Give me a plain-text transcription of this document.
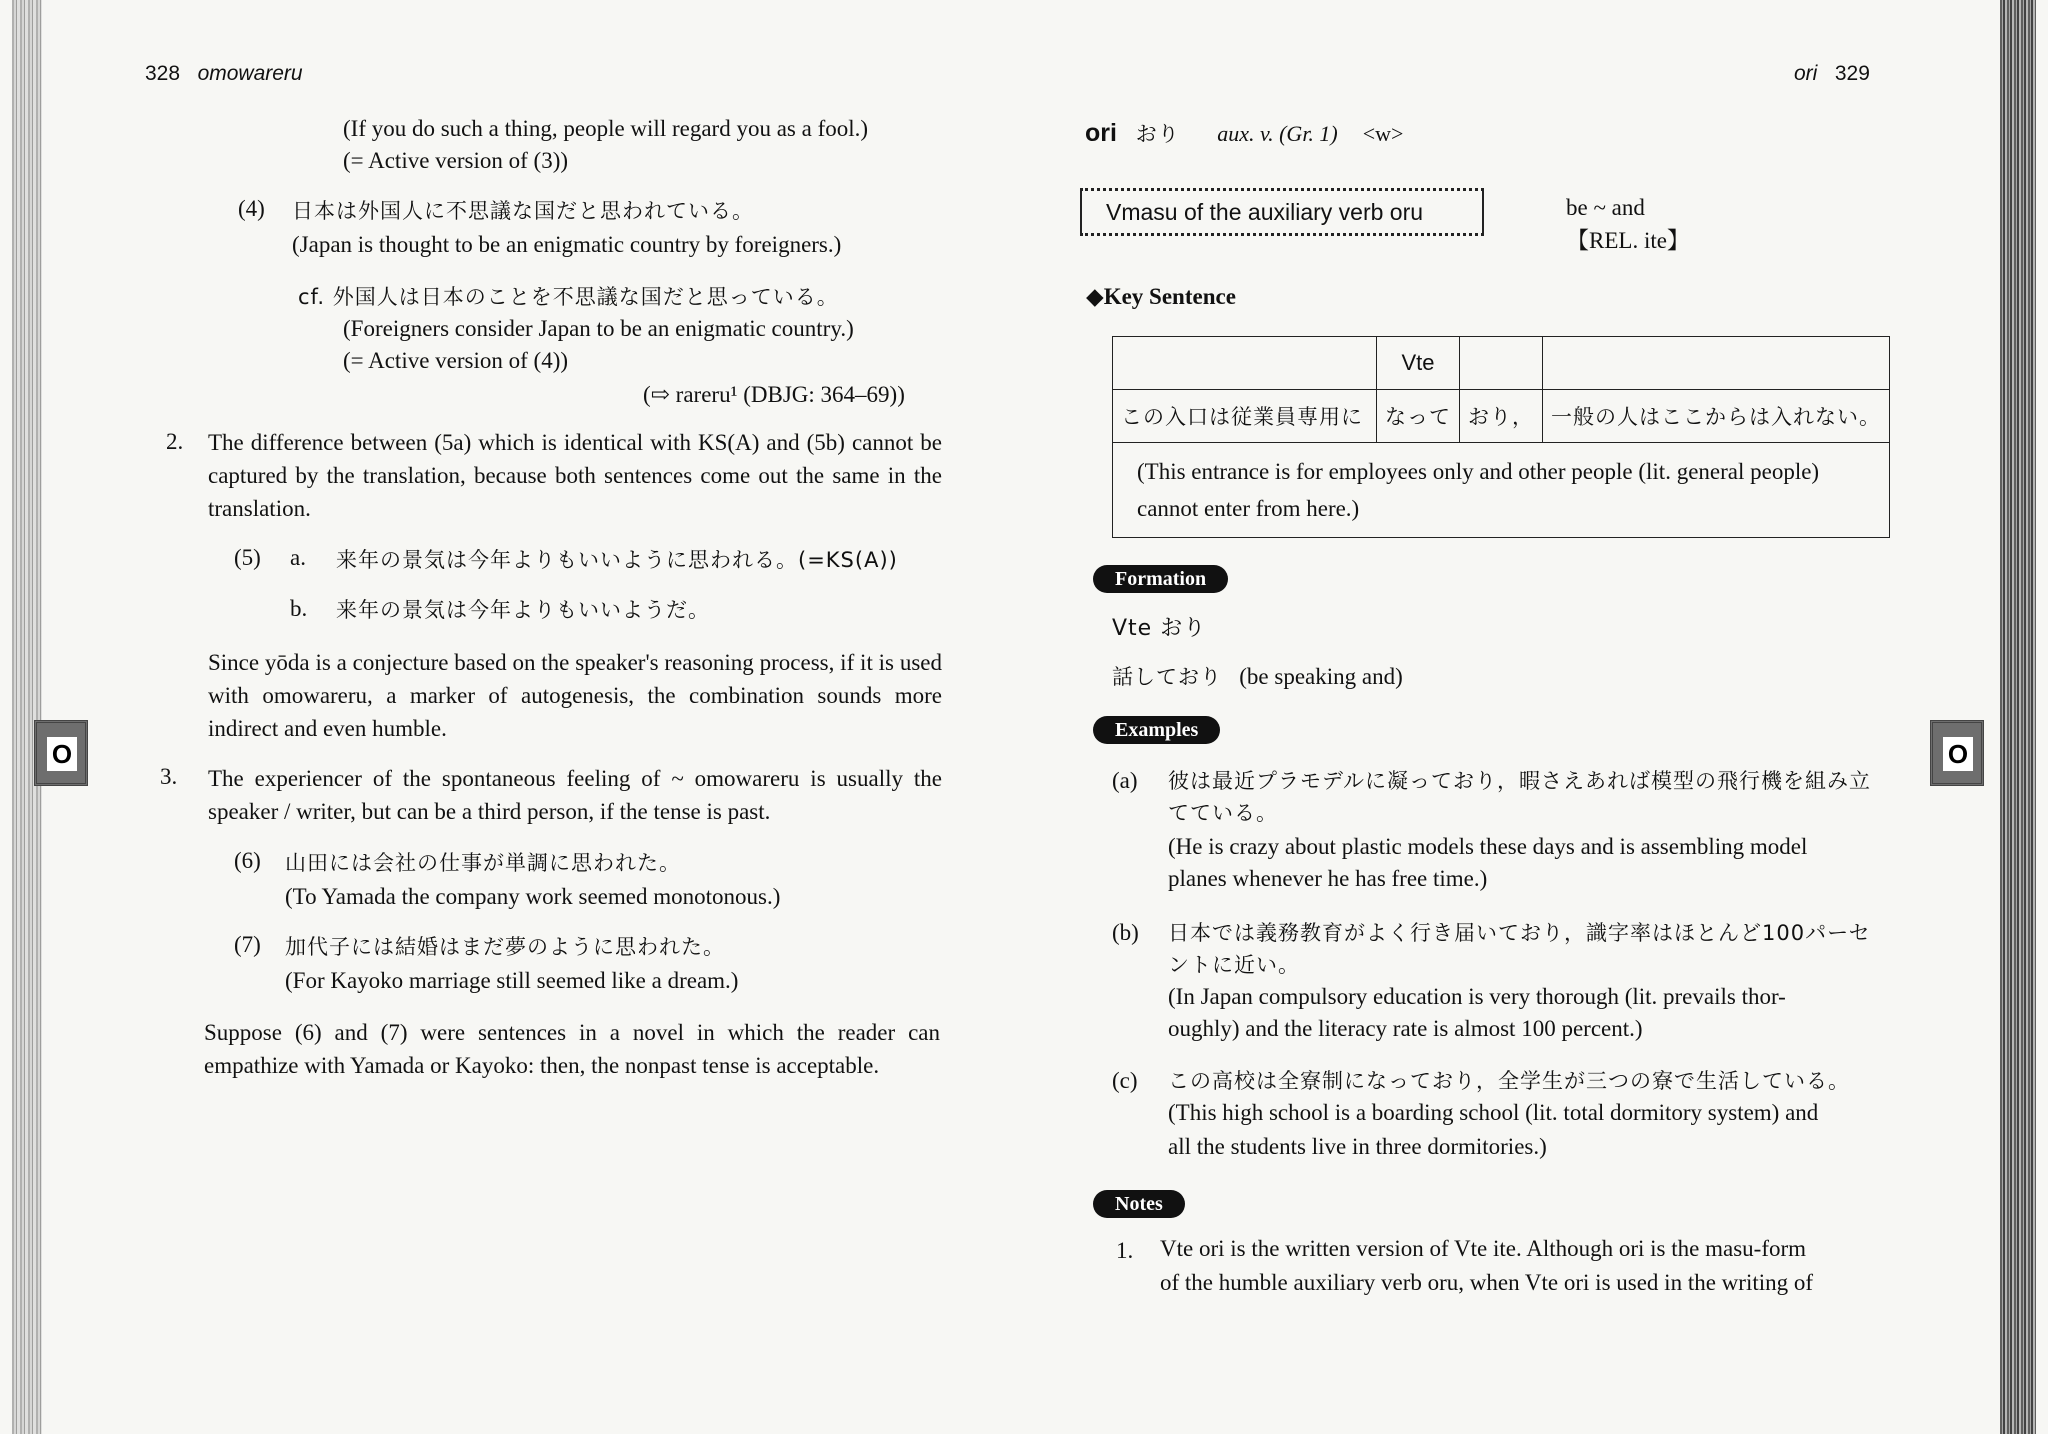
O	O
328 omowareru
(If you do such a thing, people will regard you as a fool.)
(= Active version of (3))
(4) 日本は外国人に不思議な国だと思われている。
(Japan is thought to be an enigmatic country by foreigners.)
cf. 外国人は日本のことを不思議な国だと思っている。
(Foreigners consider Japan to be an enigmatic country.)
(= Active version of (4))
(⇨ rareru¹ (DBJG: 364–69))
2. The difference between (5a) which is identical with KS(A) and (5b) cannot be captured by the translation, because both sentences come out the same in the translation.
(5) a. 来年の景気は今年よりもいいように思われる。(=KS(A))
b. 来年の景気は今年よりもいいようだ。
Since yōda is a conjecture based on the speaker's reasoning process, if it is used with omowareru, a marker of autogenesis, the combination sounds more indirect and even humble.
3. The experiencer of the spontaneous feeling of ~ omowareru is usually the speaker / writer, but can be a third person, if the tense is past.
(6) 山田には会社の仕事が単調に思われた。
(To Yamada the company work seemed monotonous.)
(7) 加代子には結婚はまだ夢のように思われた。
(For Kayoko marriage still seemed like a dream.)
Suppose (6) and (7) were sentences in a novel in which the reader can empathize with Yamada or Kayoko: then, the nonpast tense is acceptable.
ori 329
ori おり aux. v. (Gr. 1) <w>
Vmasu of the auxiliary verb oru	be ~ and
【REL. ite】
◆Key Sentence
	Vte		
この入口は従業員専用に	なって	おり，	一般の人はここからは入れない。
(This entrance is for employees only and other people (lit. general people) cannot enter from here.)			
Formation
Vte おり
話しており (be speaking and)
Examples
(a) 彼は最近プラモデルに凝っており，暇さえあれば模型の飛行機を組み立
てている。
(He is crazy about plastic models these days and is assembling model
planes whenever he has free time.)
(b) 日本では義務教育がよく行き届いており，識字率はほとんど100パーセ
ントに近い。
(In Japan compulsory education is very thorough (lit. prevails thor-
oughly) and the literacy rate is almost 100 percent.)
(c) この高校は全寮制になっており，全学生が三つの寮で生活している。
(This high school is a boarding school (lit. total dormitory system) and
all the students live in three dormitories.)
Notes
1. Vte ori is the written version of Vte ite. Although ori is the masu-form
of the humble auxiliary verb oru, when Vte ori is used in the writing of
